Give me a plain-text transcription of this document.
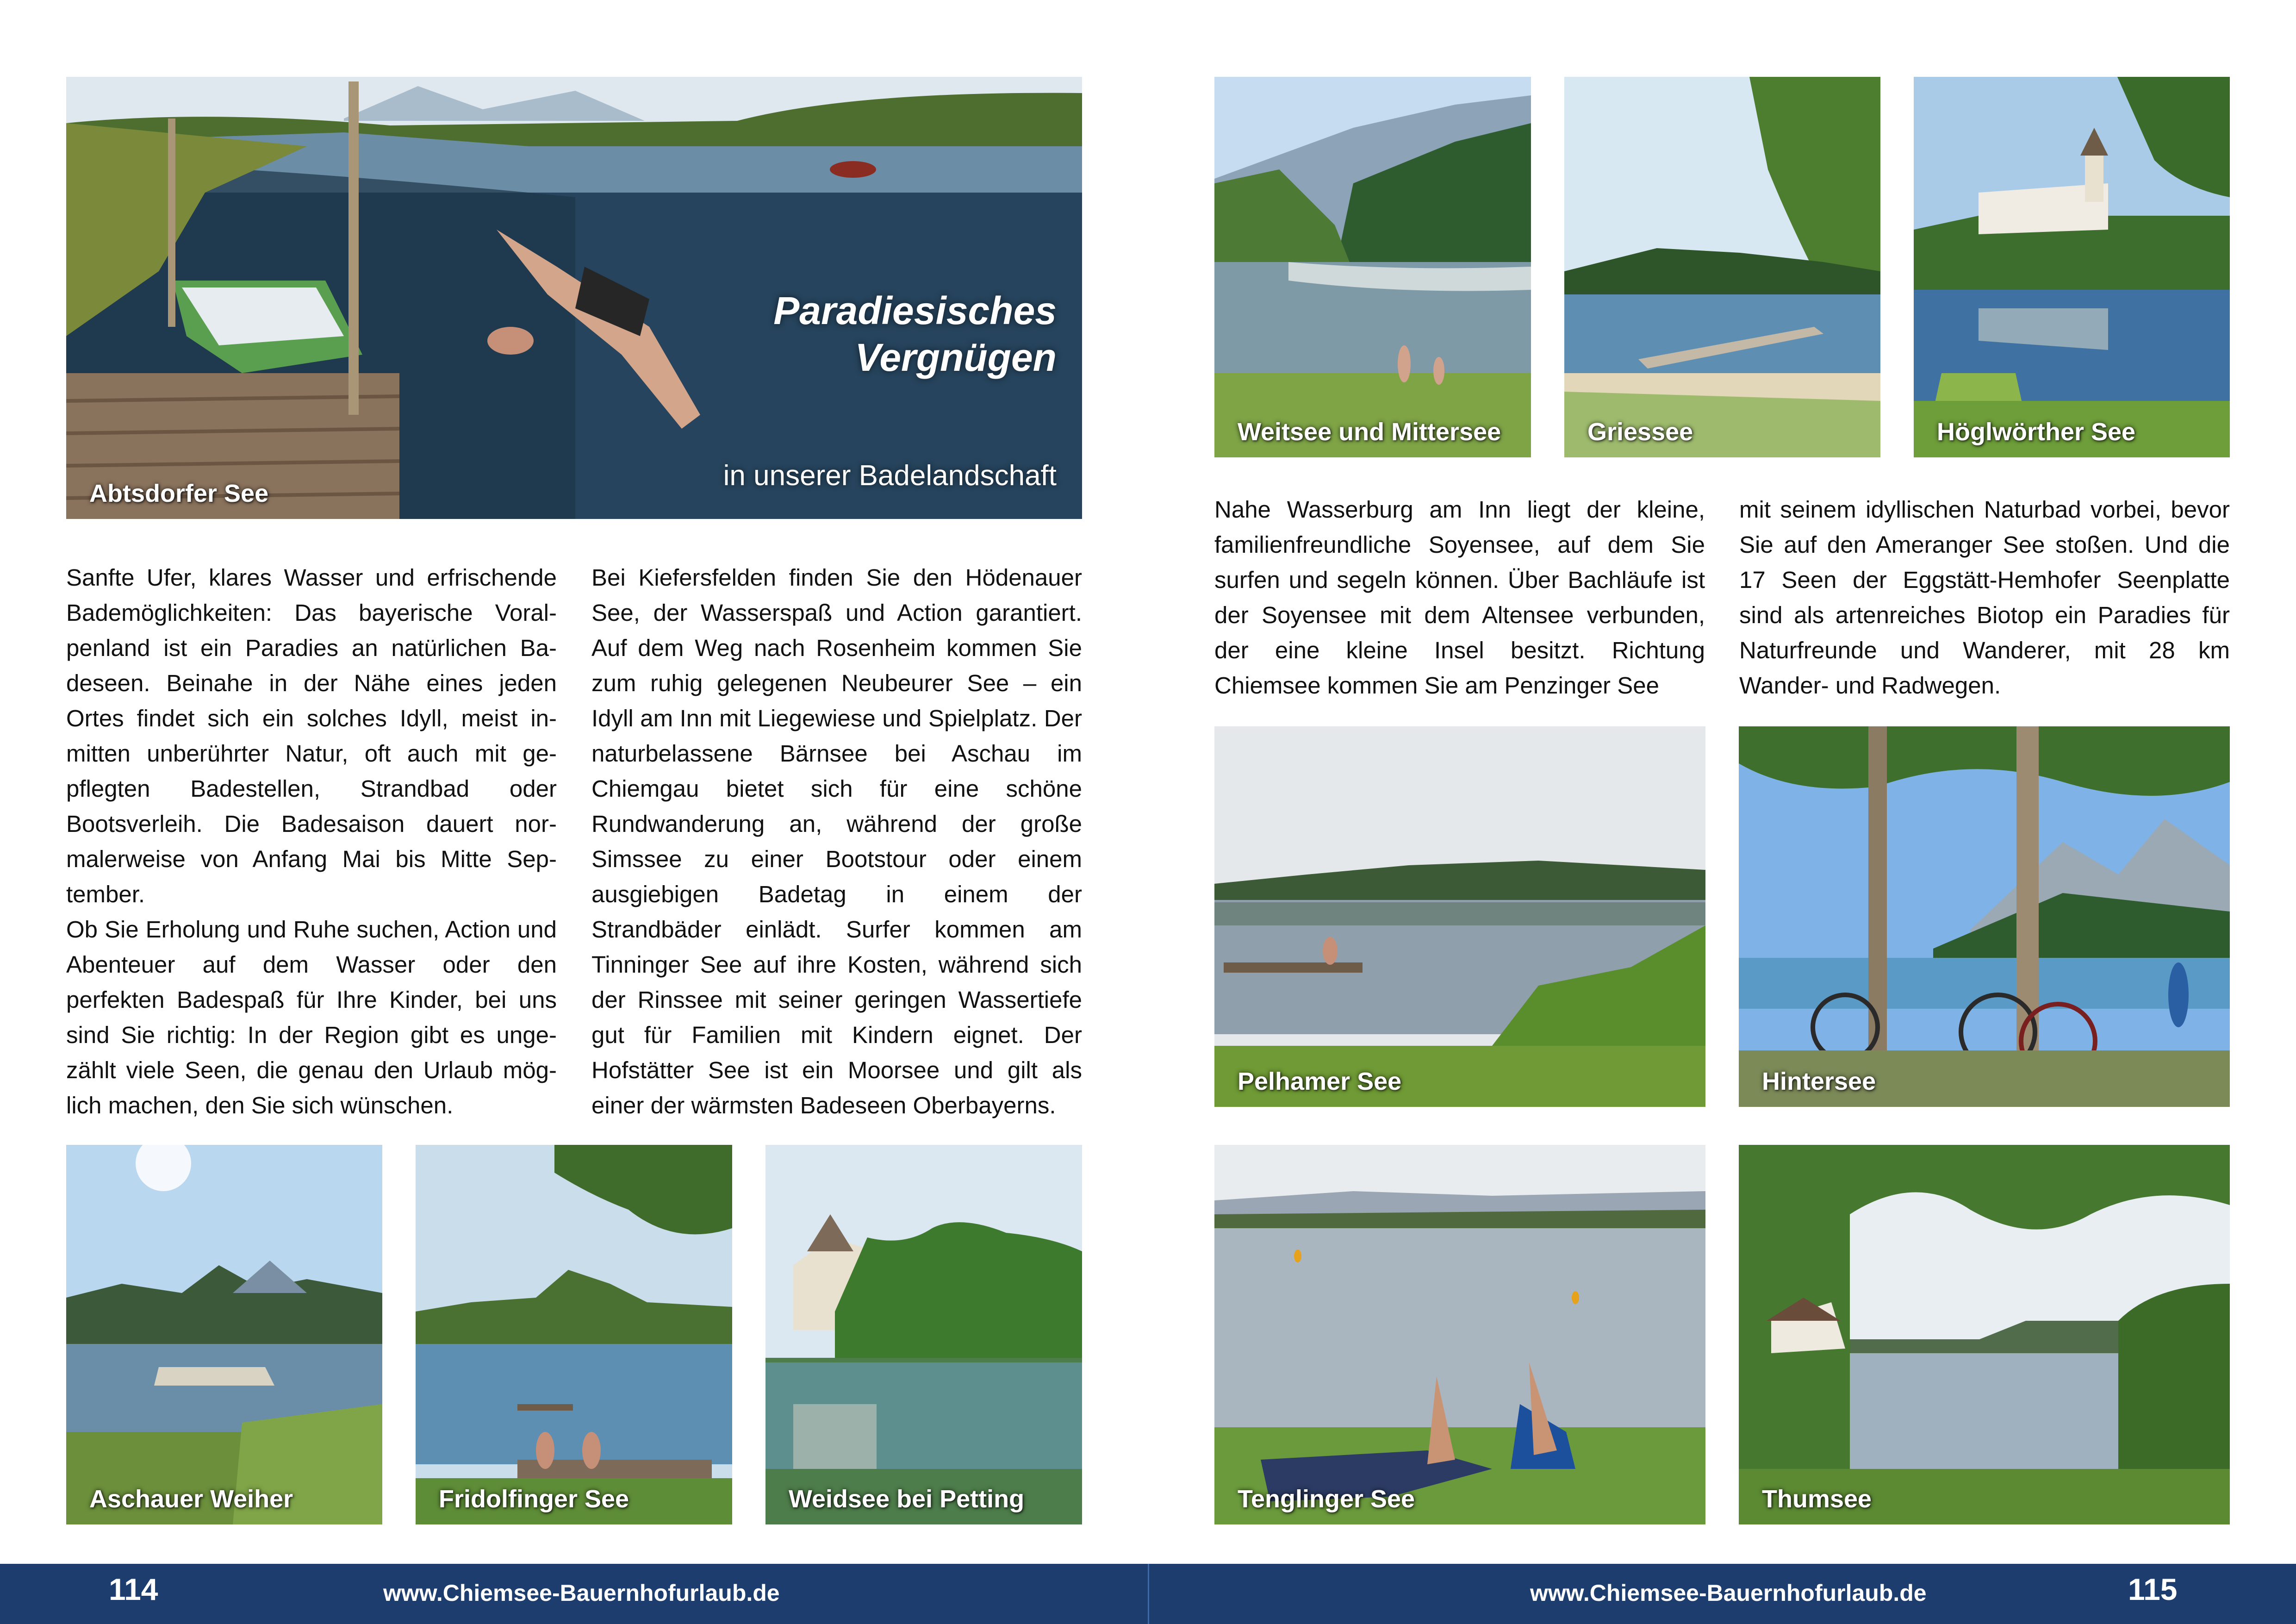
Paradiesisches
Vergnügen
in unserer Badelandschaft
Abtsdorfer See

Sanfte Ufer, klares Wasser und erfrischende Bademöglichkeiten: Das bayerische Voralpenland ist ein Paradies an natürlichen Badeseen. Beinahe in der Nähe eines jeden Ortes findet sich ein solches Idyll, meist inmitten unberührter Natur, oft auch mit gepflegten Badestellen, Strandbad oder Bootsverleih. Die Badesaison dauert normalerweise von Anfang Mai bis Mitte September.

Ob Sie Erholung und Ruhe suchen, Action und Abenteuer auf dem Wasser oder den perfekten Badespaß für Ihre Kinder, bei uns sind Sie richtig: In der Region gibt es ungezählt viele Seen, die genau den Urlaub möglich machen, den Sie sich wünschen.

Bei Kiefersfelden finden Sie den Hödenauer See, der Wasserspaß und Action garantiert. Auf dem Weg nach Rosenheim kommen Sie zum ruhig gelegenen Neubeurer See – ein Idyll am Inn mit Liegewiese und Spielplatz. Der naturbelassene Bärnsee bei Aschau im Chiemgau bietet sich für eine schöne Rundwanderung an, während der große Simssee zu einer Bootstour oder einem ausgiebigen Badetag in einem der Strandbäder einlädt. Surfer kommen am Tinninger See auf ihre Kosten, während sich der Rinssee mit seiner geringen Wassertiefe gut für Familien mit Kindern eignet. Der Hofstätter See ist ein Moorsee und gilt als einer der wärmsten Badeseen Oberbayerns.

Aschauer Weiher	Fridolfinger See	Weidsee bei Petting
Weitsee und Mittersee	Griessee	Höglwörther See

Nahe Wasserburg am Inn liegt der kleine, familienfreundliche Soyensee, auf dem Sie surfen und segeln können. Über Bachläufe ist der Soyensee mit dem Altensee verbunden, der eine kleine Insel besitzt. Richtung Chiemsee kommen Sie am Penzinger See

mit seinem idyllischen Naturbad vorbei, bevor Sie auf den Ameranger See stoßen. Und die 17 Seen der Eggstätt-Hemhofer Seenplatte sind als artenreiches Biotop ein Paradies für Naturfreunde und Wanderer, mit 28 km Wander- und Radwegen.

Pelhamer See	Hintersee
Tenglinger See	Thumsee
114	www.Chiemsee-Bauernhofurlaub.de	www.Chiemsee-Bauernhofurlaub.de	115
